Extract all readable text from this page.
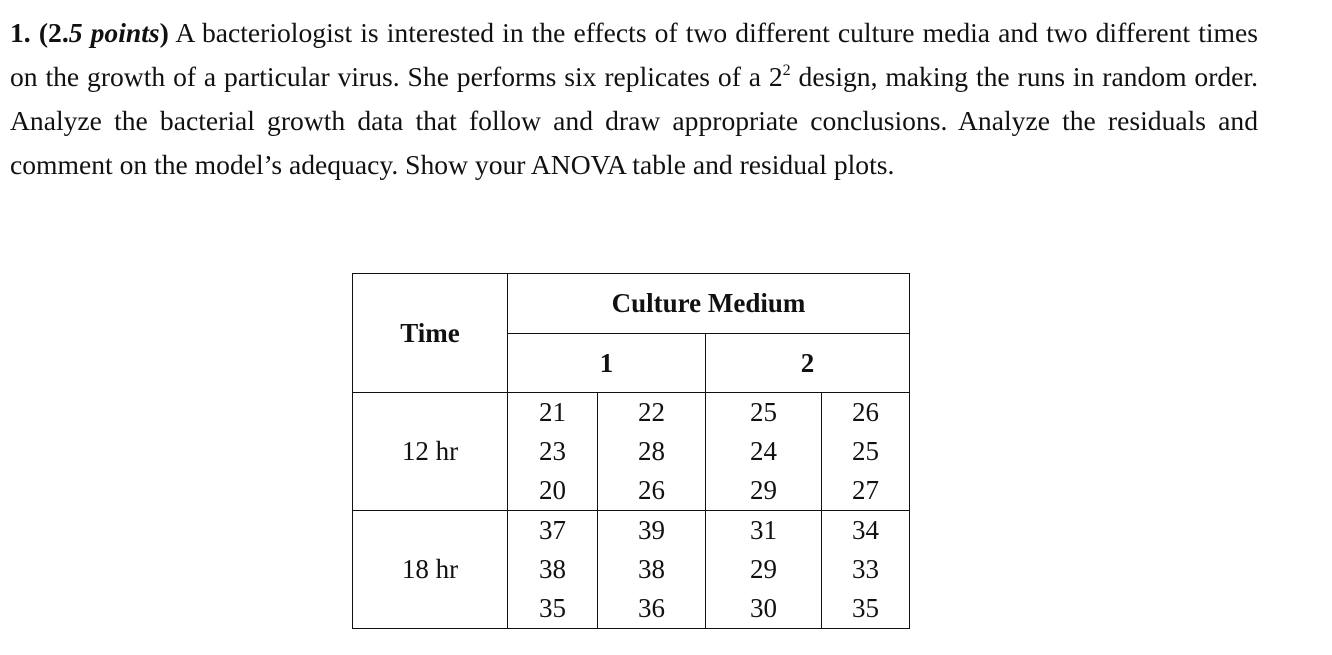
1. (2.5 points) A bacteriologist is interested in the effects of two different culture media and two different times on the growth of a particular virus. She performs six replicates of a $2^2$ design, making the runs in random order. Analyze the bacterial growth data that follow and draw appropriate conclusions. Analyze the residuals and comment on the model’s adequacy. Show your ANOVA table and residual plots.
Time	Culture Medium			
	1		2	
12 hr	21	22	25	26
	23	28	24	25
	20	26	29	27
18 hr	37	39	31	34
	38	38	29	33
	35	36	30	35
